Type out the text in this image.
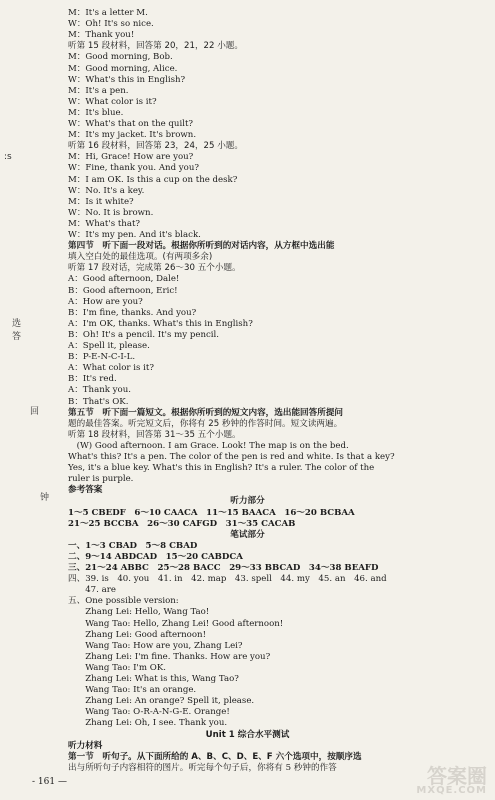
M：It's a letter M.
W：Oh! It's so nice.
M：Thank you!
听第 15 段材料，回答第 20，21，22 小题。
M：Good morning, Bob.
M：Good morning, Alice.
W：What's this in English?
M：It's a pen.
W：What color is it?
M：It's blue.
W：What's that on the quilt?
M：It's my jacket. It's brown.
听第 16 段材料，回答第 23，24，25 小题。
M：Hi, Grace! How are you?
W：Fine, thank you. And you?
M：I am OK. Is this a cup on the desk?
W：No. It's a key.
M：Is it white?
W：No. It is brown.
M：What's that?
W：It's my pen. And it's black.
第四节　听下面一段对话。根据你所听到的对话内容，从方框中选出能
填入空白处的最佳选项。(有两项多余)
听第 17 段对话，完成第 26～30 五个小题。
A：Good afternoon, Dale!
B：Good afternoon, Eric!
A：How are you?
B：I'm fine, thanks. And you?
A：I'm OK, thanks. What's this in English?
B：Oh! It's a pencil. It's my pencil.
A：Spell it, please.
B：P-E-N-C-I-L.
A：What color is it?
B：It's red.
A：Thank you.
B：That's OK.
第五节　听下面一篇短文。根据你所听到的短文内容，选出能回答所提问
题的最佳答案。听完短文后，你将有 25 秒钟的作答时间。短文读两遍。
听第 18 段材料，回答第 31～35 五个小题。
　(W) Good afternoon. I am Grace. Look! The map is on the bed.
What's this? It's a pen. The color of the pen is red and white. Is that a key?
Yes, it's a blue key. What's this in English? It's a ruler. The color of the
ruler is purple.
参考答案
听力部分
1～5 CBEDF　6～10 CAACA　11～15 BAACA　16～20 BCBAA
21～25 BCCBA　26～30 CAFGD　31～35 CACAB
笔试部分
一、1～3 CBAD　5～8 CBAD
二、9～14 ABDCAD　15～20 CABDCA
三、21～24 ABBC　25～28 BACC　29～33 BBCAD　34～38 BEAFD
四、39. is　40. you　41. in　42. map　43. spell　44. my　45. an　46. and
　　47. are
五、One possible version:
　　Zhang Lei: Hello, Wang Tao!
　　Wang Tao: Hello, Zhang Lei! Good afternoon!
　　Zhang Lei: Good afternoon!
　　Wang Tao: How are you, Zhang Lei?
　　Zhang Lei: I'm fine. Thanks. How are you?
　　Wang Tao: I'm OK.
　　Zhang Lei: What is this, Wang Tao?
　　Wang Tao: It's an orange.
　　Zhang Lei: An orange? Spell it, please.
　　Wang Tao: O-R-A-N-G-E. Orange!
　　Zhang Lei: Oh, I see. Thank you.
Unit 1 综合水平测试
听力材料
第一节　听句子。从下面所给的 A、B、C、D、E、F 六个选项中，按顺序选
出与所听句子内容相符的图片。听完每个句子后，你将有 5 秒钟的作答
:s
选
答
回
钟
- 161 —	答案圈
MXQE.COM
